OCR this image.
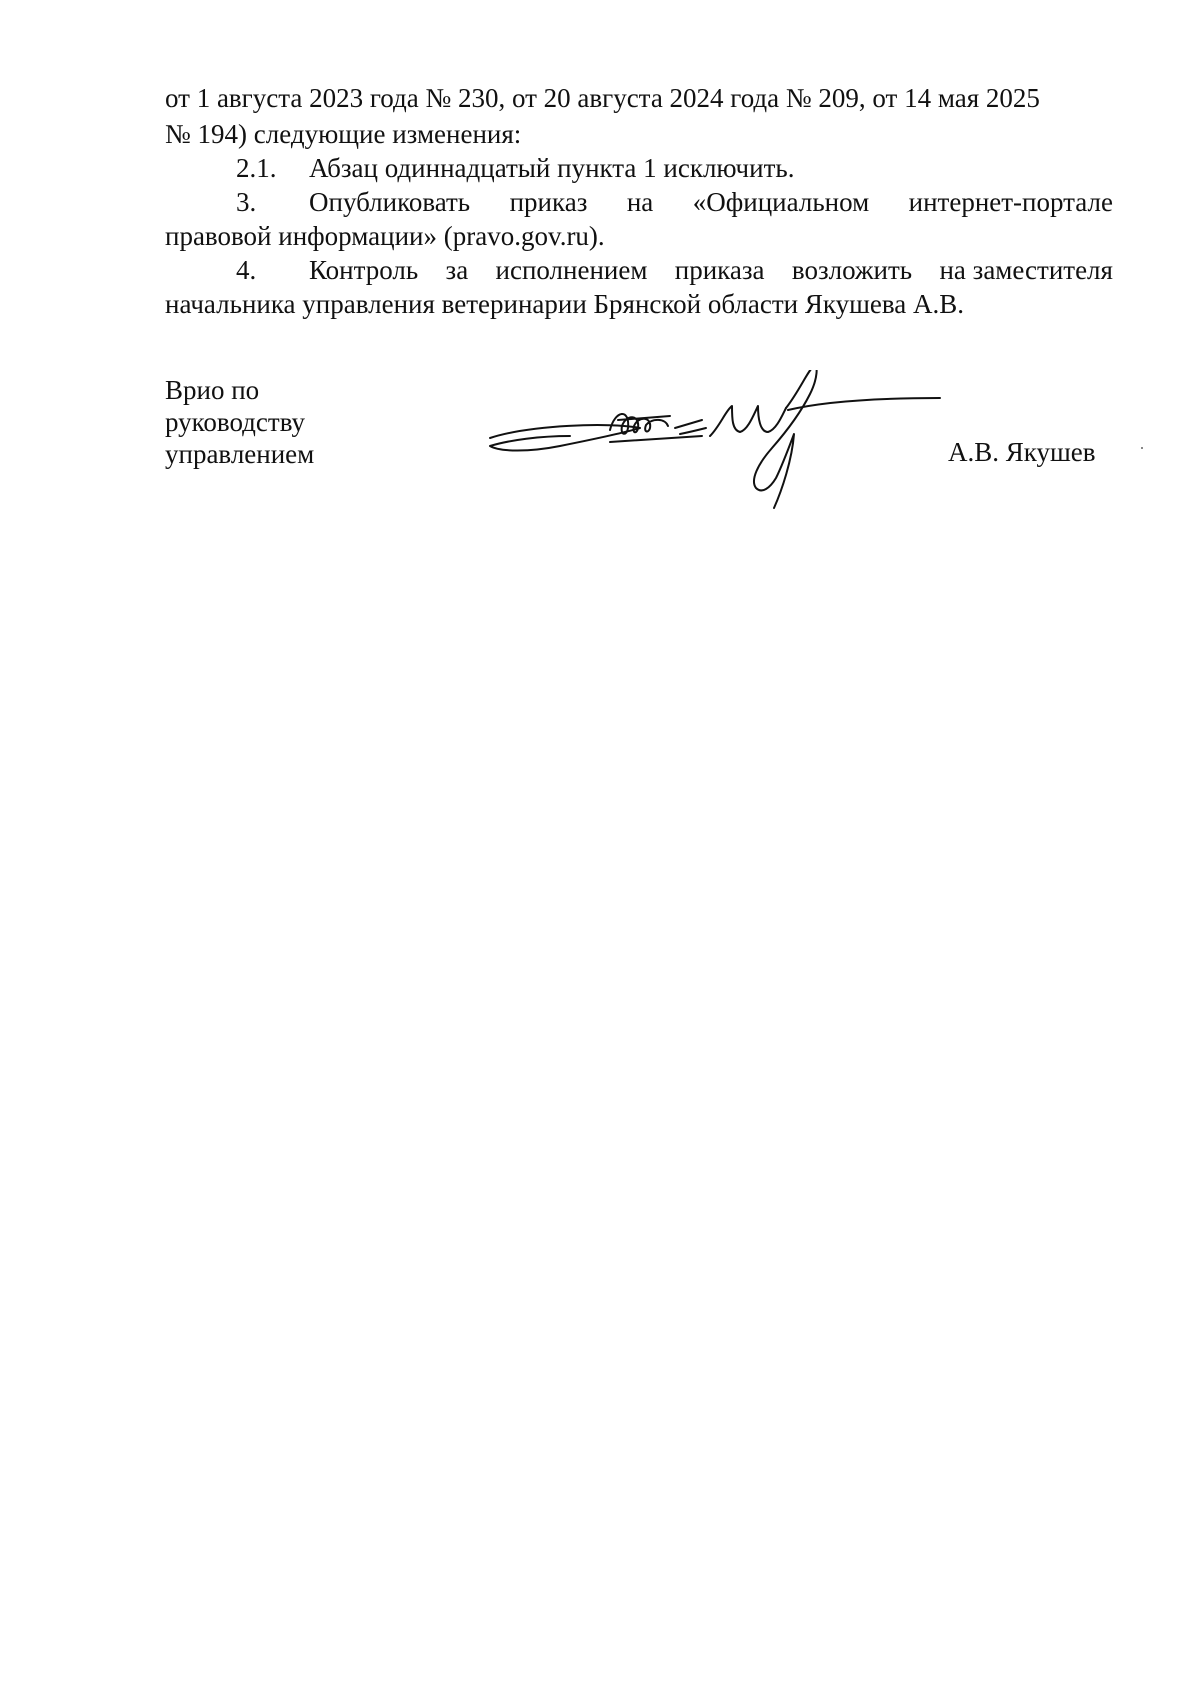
от 1 августа 2023 года № 230, от 20 августа 2024 года № 209, от 14 мая 2025
№ 194) следующие изменения:
2.1. Абзац одиннадцатый пункта 1 исключить.
3. Опубликовать приказ на «Официальном интернет-портале
правовой информации» (pravo.gov.ru).
4. Контроль за исполнением приказа возложить на заместителя
начальника управления ветеринарии Брянской области Якушева А.В.
Врио по
руководству
управлением	А.В. Якушев
